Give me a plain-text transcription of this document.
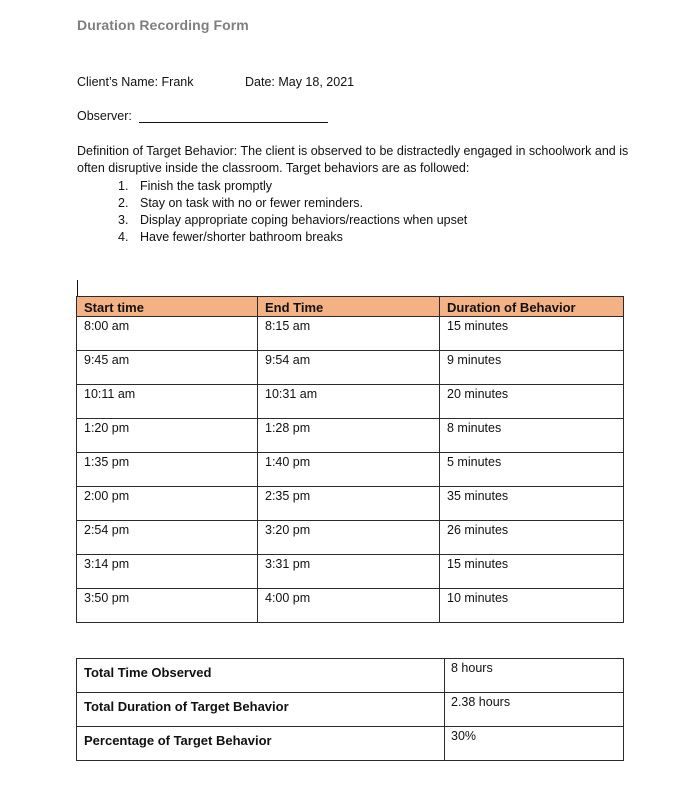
Duration Recording Form
Client’s Name: Frank	Date: May 18, 2021
Observer:
Definition of Target Behavior: The client is observed to be distractedly engaged in schoolwork and is often disruptive inside the classroom. Target behaviors are as followed:
1. Finish the task promptly
2. Stay on task with no or fewer reminders.
3. Display appropriate coping behaviors/reactions when upset
4. Have fewer/shorter bathroom breaks
Start time	End Time	Duration of Behavior
8:00 am	8:15 am	15 minutes
9:45 am	9:54 am	9 minutes
10:11 am	10:31 am	20 minutes
1:20 pm	1:28 pm	8 minutes
1:35 pm	1:40 pm	5 minutes
2:00 pm	2:35 pm	35 minutes
2:54 pm	3:20 pm	26 minutes
3:14 pm	3:31 pm	15 minutes
3:50 pm	4:00 pm	10 minutes
Total Time Observed	8 hours
Total Duration of Target Behavior	2.38 hours
Percentage of Target Behavior	30%
